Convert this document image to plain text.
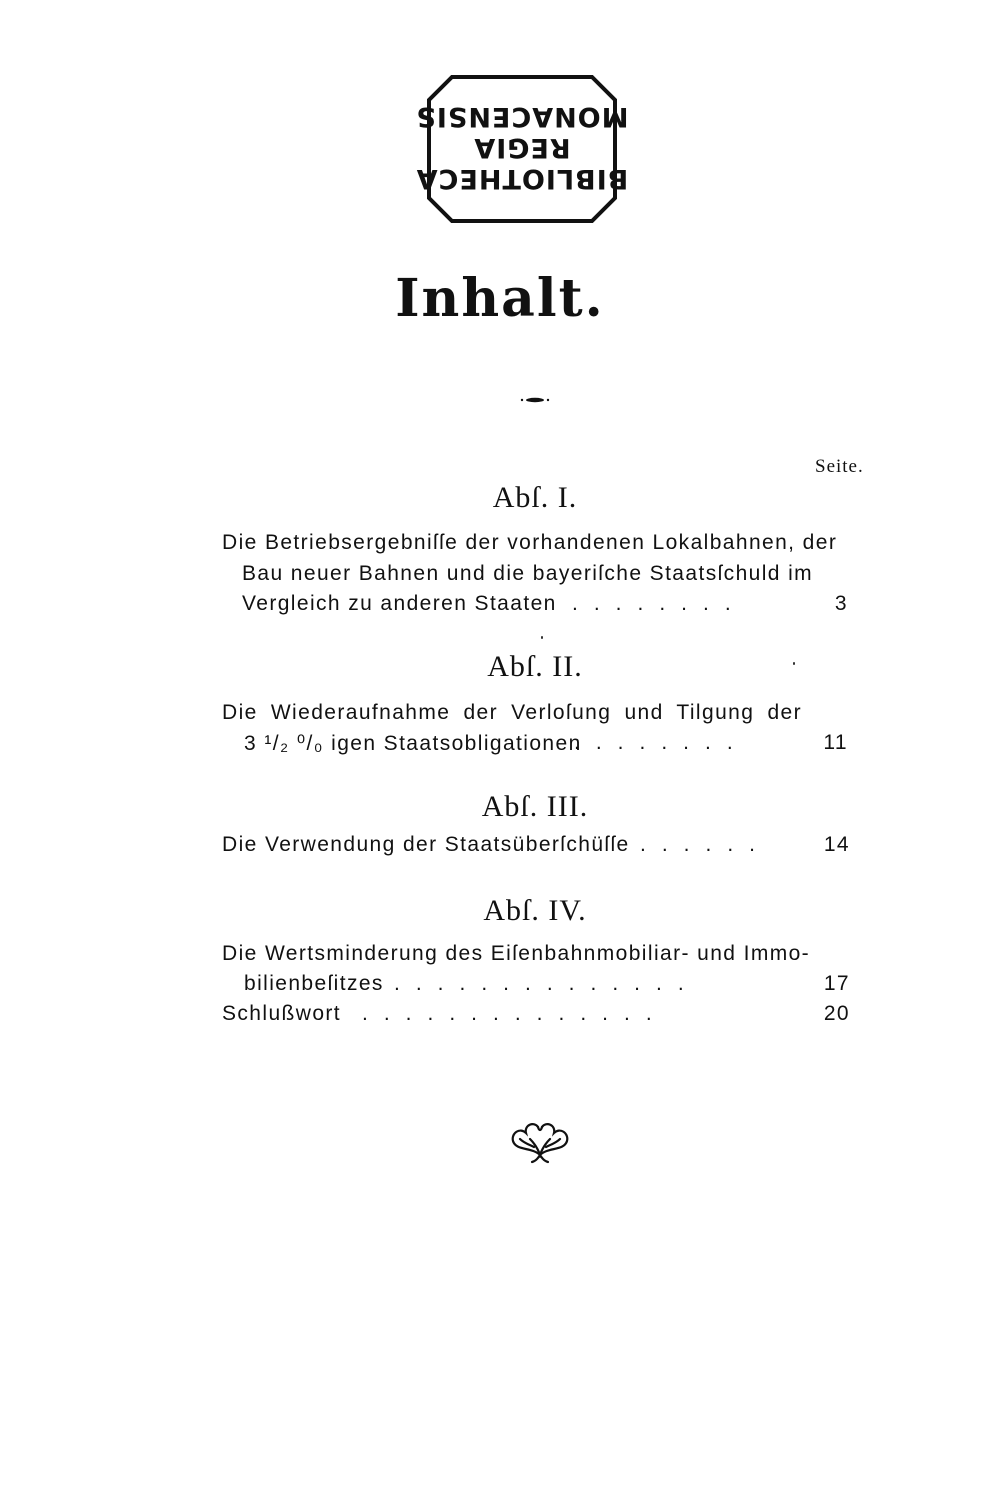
BIBLIOTHECA
REGIA
MONACENSIS
Inhalt.
Seite.
Abſ. I.
Die Betriebsergebniſſe der vorhandenen Lokalbahnen, der
Bau neuer Bahnen und die bayeriſche Staatsſchuld im
Vergleich zu anderen Staaten ........	3
Abſ. II.
Die Wiederaufnahme der Verloſung und Tilgung der
3 ¹/₂ ⁰/₀ igen Staatsobligationen
........	11
Abſ. III.
Die Verwendung der Staatsüberſchüſſe ......	14
Abſ. IV.
Die Wertsminderung des Eiſenbahnmobiliar- und Immo-
bilienbeſitzes ..............	17
Schlußwort ..............	20
